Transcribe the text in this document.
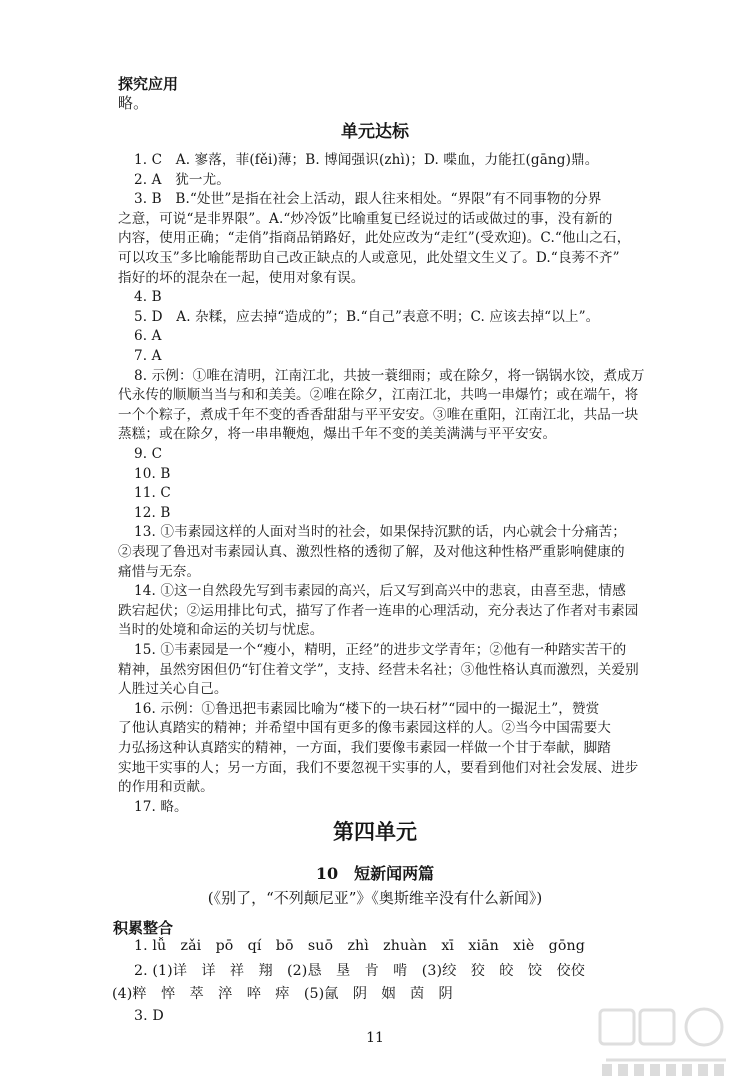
探究应用
略。
单元达标
1. C　A. 寥落，菲(fěi)薄；B. 博闻强识(zhì)；D. 喋血，力能扛(gāng)鼎。
2. A　犹一尤。
3. B　B.“处世”是指在社会上活动，跟人往来相处。“界限”有不同事物的分界
之意，可说“是非界限”。A.“炒冷饭”比喻重复已经说过的话或做过的事，没有新的
内容，使用正确；“走俏”指商品销路好，此处应改为“走红”(受欢迎)。C.“他山之石，
可以攻玉”多比喻能帮助自己改正缺点的人或意见，此处望文生义了。D.“良莠不齐”
指好的坏的混杂在一起，使用对象有误。
4. B
5. D　A. 杂糅，应去掉“造成的”；B.“自己”表意不明；C. 应该去掉“以上”。
6. A
7. A
8. 示例：①唯在清明，江南江北，共披一蓑细雨；或在除夕，将一锅锅水饺，煮成万
代永传的顺顺当当与和和美美。②唯在除夕，江南江北，共鸣一串爆竹；或在端午，将
一个个粽子，煮成千年不变的香香甜甜与平平安安。③唯在重阳，江南江北，共品一块
蒸糕；或在除夕，将一串串鞭炮，爆出千年不变的美美满满与平平安安。
9. C
10. B
11. C
12. B
13. ①韦素园这样的人面对当时的社会，如果保持沉默的话，内心就会十分痛苦；
②表现了鲁迅对韦素园认真、激烈性格的透彻了解，及对他这种性格严重影响健康的
痛惜与无奈。
14. ①这一自然段先写到韦素园的高兴，后又写到高兴中的悲哀，由喜至悲，情感
跌宕起伏；②运用排比句式，描写了作者一连串的心理活动，充分表达了作者对韦素园
当时的处境和命运的关切与忧虑。
15. ①韦素园是一个“瘦小，精明，正经”的进步文学青年；②他有一种踏实苦干的
精神，虽然穷困但仍“钉住着文学”，支持、经营未名社；③他性格认真而激烈，关爱别
人胜过关心自己。
16. 示例：①鲁迅把韦素园比喻为“楼下的一块石材”“园中的一撮泥土”，赞赏
了他认真踏实的精神；并希望中国有更多的像韦素园这样的人。②当今中国需要大
力弘扬这种认真踏实的精神，一方面，我们要像韦素园一样做一个甘于奉献，脚踏
实地干实事的人；另一方面，我们不要忽视干实事的人，要看到他们对社会发展、进步
的作用和贡献。
17. 略。
第四单元
10　短新闻两篇
(《别了，“不列颠尼亚”》《奥斯维辛没有什么新闻》)
积累整合
1. lǚ　zǎi　pō　qí　bō　suō　zhì　zhuàn　xī　xiān　xiè　gōng
2. (1)详　详　祥　翔　(2)恳　垦　肯　啃　(3)绞　狡　皎　饺　佼佼
(4)粹　悴　萃　淬　啐　瘁　(5)氤　阴　姻　茵　阴
3. D
11
